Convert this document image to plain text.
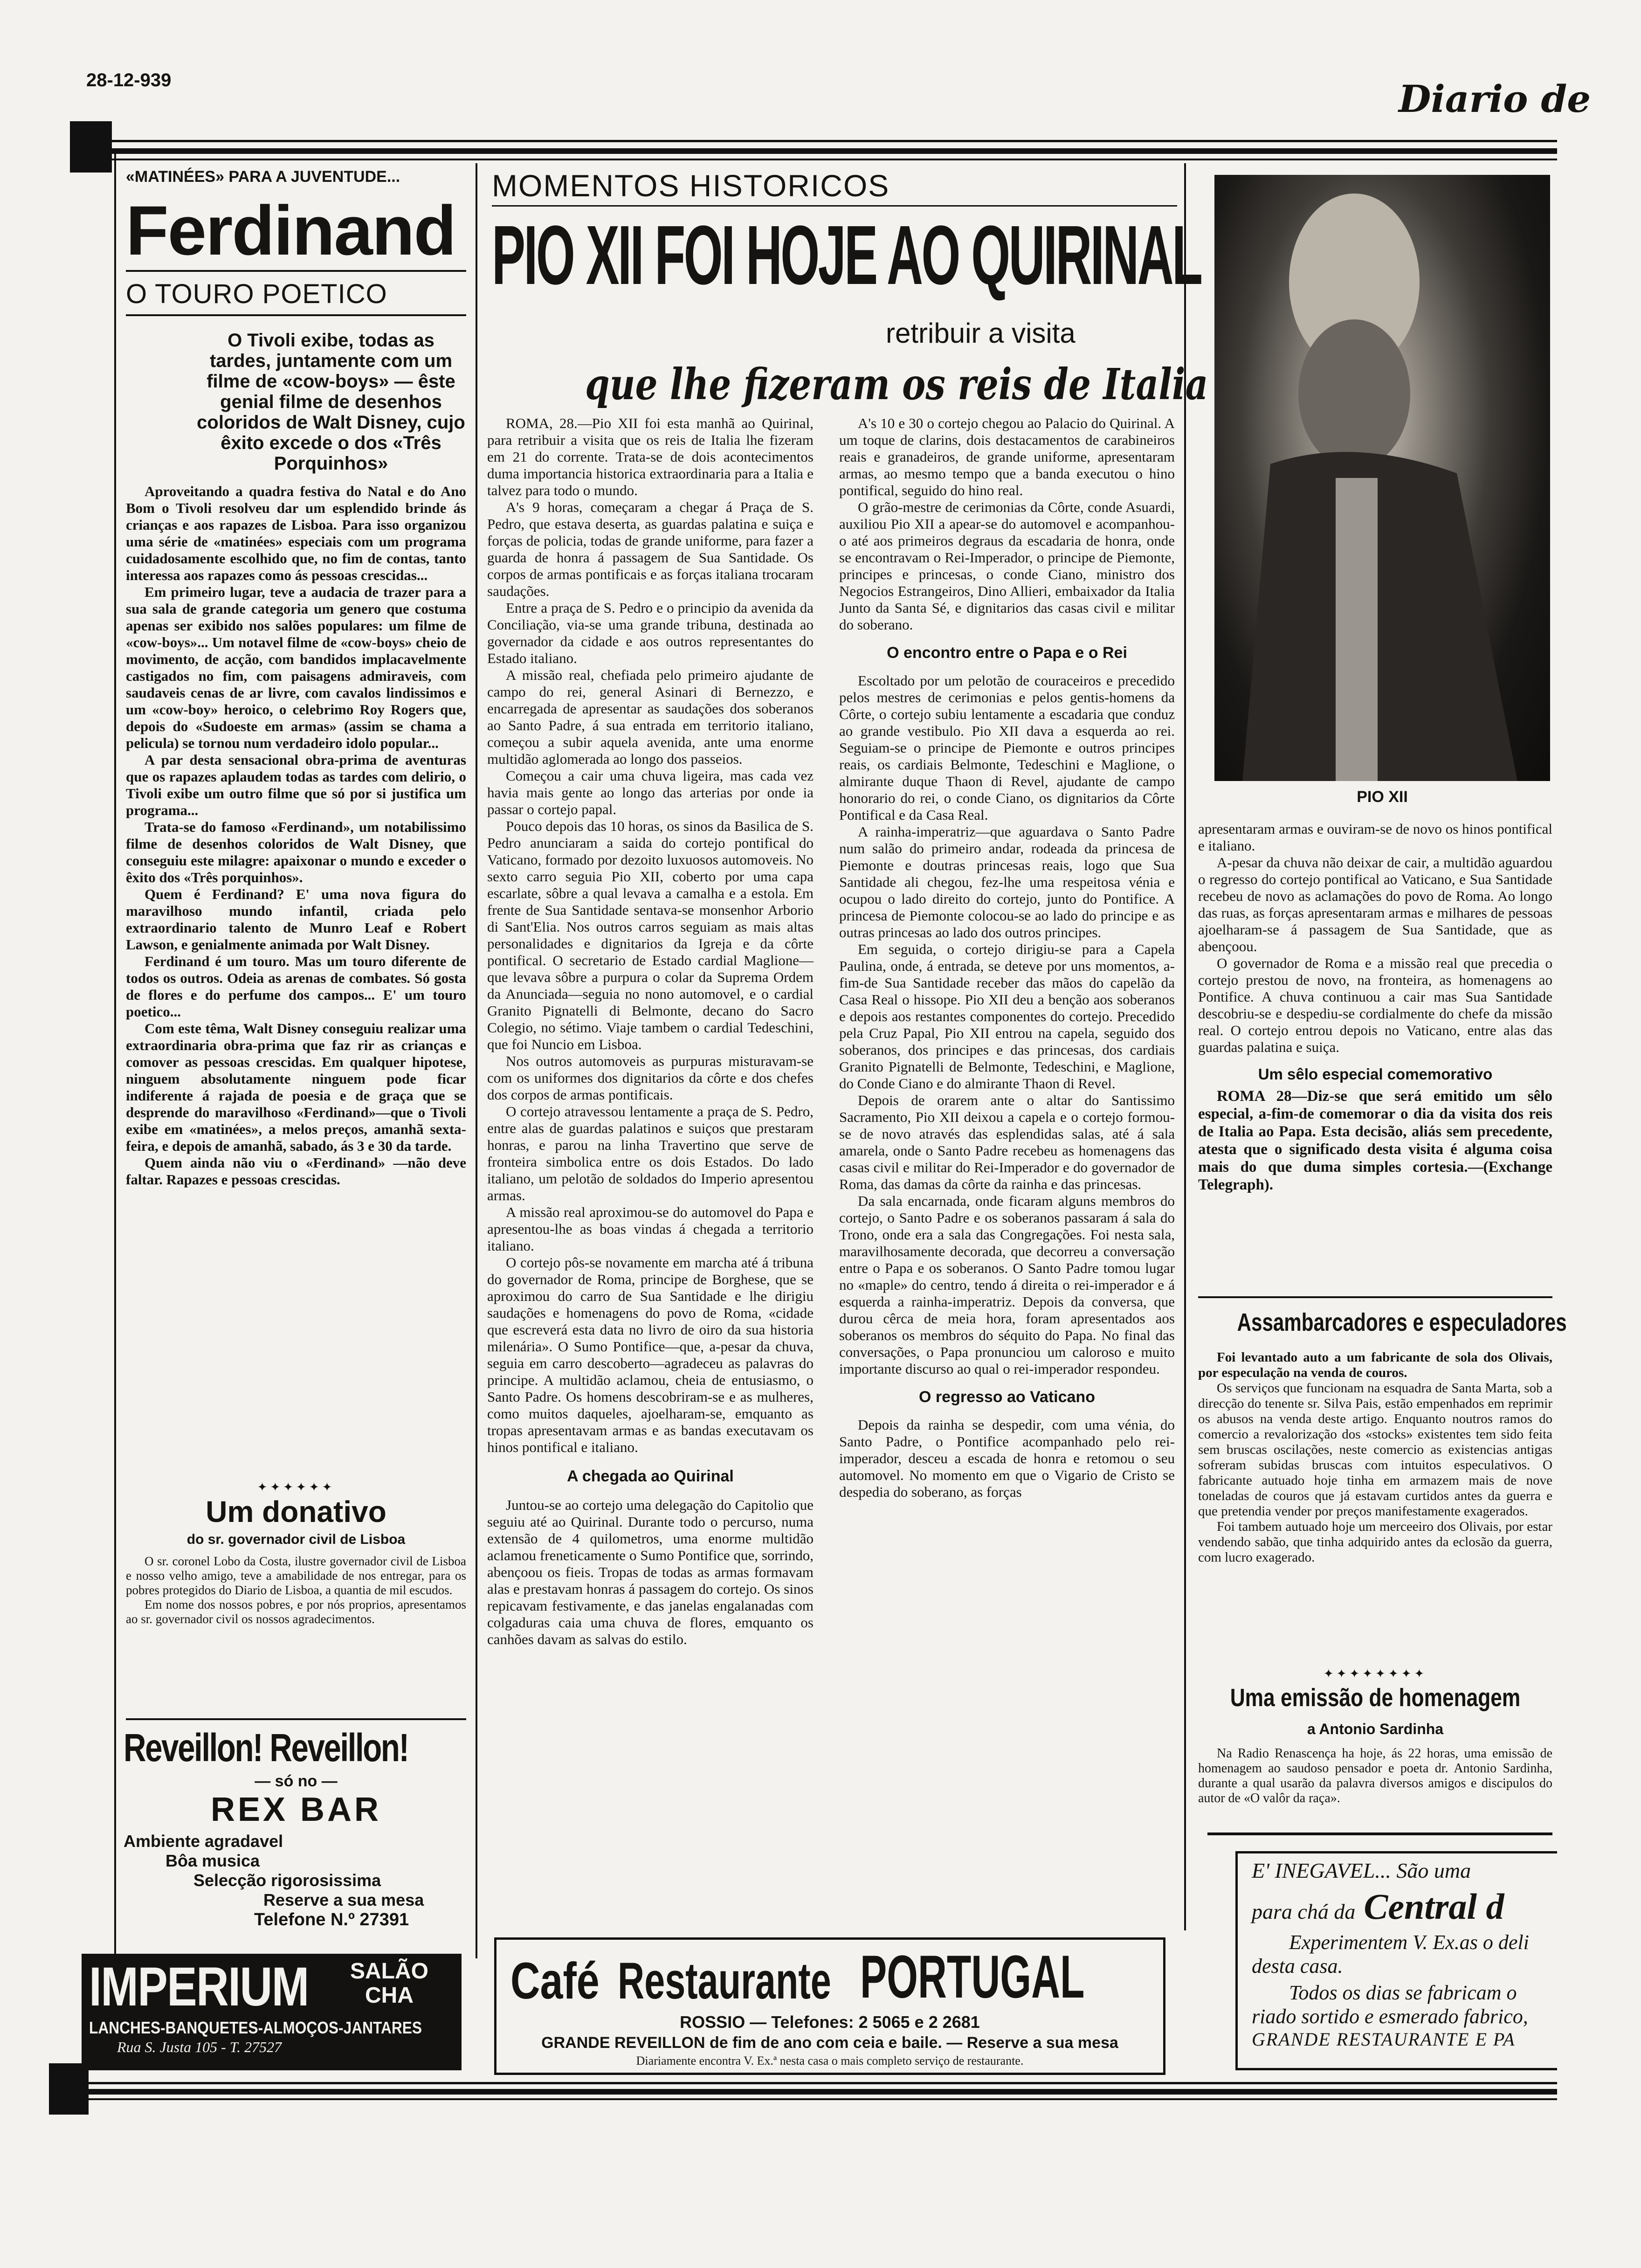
28-12-939	Diario de
«MATINÉES» PARA A JUVENTUDE...
Ferdinand
O TOURO POETICO
O Tivoli exibe, todas as tardes, juntamente com um filme de «cow-boys» — êste genial filme de desenhos coloridos de Walt Disney, cujo êxito excede o dos «Três Porquinhos»

Aproveitando a quadra festiva do Natal e do Ano Bom o Tivoli resolveu dar um esplendido brinde ás crianças e aos rapazes de Lisboa. Para isso organizou uma série de «matinées» especiais com um programa cuidadosamente escolhido que, no fim de contas, tanto interessa aos rapazes como ás pessoas crescidas...

Em primeiro lugar, teve a audacia de trazer para a sua sala de grande categoria um genero que costuma apenas ser exibido nos salões populares: um filme de «cow-boys»... Um notavel filme de «cow-boys» cheio de movimento, de acção, com bandidos implacavelmente castigados no fim, com paisagens admiraveis, com saudaveis cenas de ar livre, com cavalos lindissimos e um «cow-boy» heroico, o celebrimo Roy Rogers que, depois do «Sudoeste em armas» (assim se chama a pelicula) se tornou num verdadeiro idolo popular...

A par desta sensacional obra-prima de aventuras que os rapazes aplaudem todas as tardes com delirio, o Tivoli exibe um outro filme que só por si justifica um programa...

Trata-se do famoso «Ferdinand», um notabilissimo filme de desenhos coloridos de Walt Disney, que conseguiu este milagre: apaixonar o mundo e exceder o êxito dos «Três porquinhos».

Quem é Ferdinand? E' uma nova figura do maravilhoso mundo infantil, criada pelo extraordinario talento de Munro Leaf e Robert Lawson, e genialmente animada por Walt Disney.

Ferdinand é um touro. Mas um touro diferente de todos os outros. Odeia as arenas de combates. Só gosta de flores e do perfume dos campos... E' um touro poetico...

Com este têma, Walt Disney conseguiu realizar uma extraordinaria obra-prima que faz rir as crianças e comover as pessoas crescidas. Em qualquer hipotese, ninguem absolutamente ninguem pode ficar indiferente á rajada de poesia e de graça que se desprende do maravilhoso «Ferdinand»—que o Tivoli exibe em «matinées», a melos preços, amanhã sexta-feira, e depois de amanhã, sabado, ás 3 e 30 da tarde.

Quem ainda não viu o «Ferdinand» —não deve faltar. Rapazes e pessoas crescidas.

✦✦✦✦✦✦
Um donativo
do sr. governador civil de Lisboa

O sr. coronel Lobo da Costa, ilustre governador civil de Lisboa e nosso velho amigo, teve a amabilidade de nos entregar, para os pobres protegidos do Diario de Lisboa, a quantia de mil escudos.

Em nome dos nossos pobres, e por nós proprios, apresentamos ao sr. governador civil os nossos agradecimentos.

Reveillon! Reveillon!
— só no —
REX BAR
Ambiente agradavel
Bôa musica
Selecção rigorosissima
Reserve a sua mesa
Telefone N.º 27391
IMPERIUM SALÃO
CHA
LANCHES-BANQUETES-ALMOÇOS-JANTARES
Rua S. Justa 105 - T. 27527
MOMENTOS HISTORICOS
PIO XII FOI HOJE AO QUIRINAL
retribuir a visita
que lhe fizeram os reis de Italia

ROMA, 28.—Pio XII foi esta manhã ao Quirinal, para retribuir a visita que os reis de Italia lhe fizeram em 21 do corrente. Trata-se de dois acontecimentos duma importancia historica extraordinaria para a Italia e talvez para todo o mundo.

A's 9 horas, começaram a chegar á Praça de S. Pedro, que estava deserta, as guardas palatina e suiça e forças de policia, todas de grande uniforme, para fazer a guarda de honra á passagem de Sua Santidade. Os corpos de armas pontificais e as forças italiana trocaram saudações.

Entre a praça de S. Pedro e o principio da avenida da Conciliação, via-se uma grande tribuna, destinada ao governador da cidade e aos outros representantes do Estado italiano.

A missão real, chefiada pelo primeiro ajudante de campo do rei, general Asinari di Bernezzo, e encarregada de apresentar as saudações dos soberanos ao Santo Padre, á sua entrada em territorio italiano, começou a subir aquela avenida, ante uma enorme multidão aglomerada ao longo dos passeios.

Começou a cair uma chuva ligeira, mas cada vez havia mais gente ao longo das arterias por onde ia passar o cortejo papal.

Pouco depois das 10 horas, os sinos da Basilica de S. Pedro anunciaram a saida do cortejo pontifical do Vaticano, formado por dezoito luxuosos automoveis. No sexto carro seguia Pio XII, coberto por uma capa escarlate, sôbre a qual levava a camalha e a estola. Em frente de Sua Santidade sentava-se monsenhor Arborio di Sant'Elia. Nos outros carros seguiam as mais altas personalidades e dignitarios da Igreja e da côrte pontifical. O secretario de Estado cardial Maglione—que levava sôbre a purpura o colar da Suprema Ordem da Anunciada—seguia no nono automovel, e o cardial Granito Pignatelli di Belmonte, decano do Sacro Colegio, no sétimo. Viaje tambem o cardial Tedeschini, que foi Nuncio em Lisboa.

Nos outros automoveis as purpuras misturavam-se com os uniformes dos dignitarios da côrte e dos chefes dos corpos de armas pontificais.

O cortejo atravessou lentamente a praça de S. Pedro, entre alas de guardas palatinos e suiços que prestaram honras, e parou na linha Travertino que serve de fronteira simbolica entre os dois Estados. Do lado italiano, um pelotão de soldados do Imperio apresentou armas.

A missão real aproximou-se do automovel do Papa e apresentou-lhe as boas vindas á chegada a territorio italiano.

O cortejo pôs-se novamente em marcha até á tribuna do governador de Roma, principe de Borghese, que se aproximou do carro de Sua Santidade e lhe dirigiu saudações e homenagens do povo de Roma, «cidade que escreverá esta data no livro de oiro da sua historia milenária». O Sumo Pontifice—que, a-pesar da chuva, seguia em carro descoberto—agradeceu as palavras do principe. A multidão aclamou, cheia de entusiasmo, o Santo Padre. Os homens descobriram-se e as mulheres, como muitos daqueles, ajoelharam-se, emquanto as tropas apresentavam armas e as bandas executavam os hinos pontifical e italiano.

A chegada ao Quirinal

Juntou-se ao cortejo uma delegação do Capitolio que seguiu até ao Quirinal. Durante todo o percurso, numa extensão de 4 quilometros, uma enorme multidão aclamou freneticamente o Sumo Pontifice que, sorrindo, abençoou os fieis. Tropas de todas as armas formavam alas e prestavam honras á passagem do cortejo. Os sinos repicavam festivamente, e das janelas engalanadas com colgaduras caia uma chuva de flores, emquanto os canhões davam as salvas do estilo.

A's 10 e 30 o cortejo chegou ao Palacio do Quirinal. A um toque de clarins, dois destacamentos de carabineiros reais e granadeiros, de grande uniforme, apresentaram armas, ao mesmo tempo que a banda executou o hino pontifical, seguido do hino real.

O grão-mestre de cerimonias da Côrte, conde Asuardi, auxiliou Pio XII a apear-se do automovel e acompanhou-o até aos primeiros degraus da escadaria de honra, onde se encontravam o Rei-Imperador, o principe de Piemonte, principes e princesas, o conde Ciano, ministro dos Negocios Estrangeiros, Dino Allieri, embaixador da Italia Junto da Santa Sé, e dignitarios das casas civil e militar do soberano.

O encontro entre o Papa e o Rei

Escoltado por um pelotão de couraceiros e precedido pelos mestres de cerimonias e pelos gentis-homens da Côrte, o cortejo subiu lentamente a escadaria que conduz ao grande vestibulo. Pio XII dava a esquerda ao rei. Seguiam-se o principe de Piemonte e outros principes reais, os cardiais Belmonte, Tedeschini e Maglione, o almirante duque Thaon di Revel, ajudante de campo honorario do rei, o conde Ciano, os dignitarios da Côrte Pontifical e da Casa Real.

A rainha-imperatriz—que aguardava o Santo Padre num salão do primeiro andar, rodeada da princesa de Piemonte e doutras princesas reais, logo que Sua Santidade ali chegou, fez-lhe uma respeitosa vénia e ocupou o lado direito do cortejo, junto do Pontifice. A princesa de Piemonte colocou-se ao lado do principe e as outras princesas ao lado dos outros principes.

Em seguida, o cortejo dirigiu-se para a Capela Paulina, onde, á entrada, se deteve por uns momentos, a-fim-de Sua Santidade receber das mãos do capelão da Casa Real o hissope. Pio XII deu a benção aos soberanos e depois aos restantes componentes do cortejo. Precedido pela Cruz Papal, Pio XII entrou na capela, seguido dos soberanos, dos principes e das princesas, dos cardiais Granito Pignatelli de Belmonte, Tedeschini, e Maglione, do Conde Ciano e do almirante Thaon di Revel.

Depois de orarem ante o altar do Santissimo Sacramento, Pio XII deixou a capela e o cortejo formou-se de novo através das esplendidas salas, até á sala amarela, onde o Santo Padre recebeu as homenagens das casas civil e militar do Rei-Imperador e do governador de Roma, das damas da côrte da rainha e das princesas.

Da sala encarnada, onde ficaram alguns membros do cortejo, o Santo Padre e os soberanos passaram á sala do Trono, onde era a sala das Congregações. Foi nesta sala, maravilhosamente decorada, que decorreu a conversação entre o Papa e os soberanos. O Santo Padre tomou lugar no «maple» do centro, tendo á direita o rei-imperador e á esquerda a rainha-imperatriz. Depois da conversa, que durou cêrca de meia hora, foram apresentados aos soberanos os membros do séquito do Papa. No final das conversações, o Papa pronunciou um caloroso e muito importante discurso ao qual o rei-imperador respondeu.

O regresso ao Vaticano

Depois da rainha se despedir, com uma vénia, do Santo Padre, o Pontifice acompanhado pelo rei-imperador, desceu a escada de honra e retomou o seu automovel. No momento em que o Vigario de Cristo se despedia do soberano, as forças

PIO XII

apresentaram armas e ouviram-se de novo os hinos pontifical e italiano.

A-pesar da chuva não deixar de cair, a multidão aguardou o regresso do cortejo pontifical ao Vaticano, e Sua Santidade recebeu de novo as aclamações do povo de Roma. Ao longo das ruas, as forças apresentaram armas e milhares de pessoas ajoelharam-se á passagem de Sua Santidade, que as abençoou.

O governador de Roma e a missão real que precedia o cortejo prestou de novo, na fronteira, as homenagens ao Pontifice. A chuva continuou a cair mas Sua Santidade descobriu-se e despediu-se cordialmente do chefe da missão real. O cortejo entrou depois no Vaticano, entre alas das guardas palatina e suiça.

Um sêlo especial comemorativo

ROMA 28—Diz-se que será emitido um sêlo especial, a-fim-de comemorar o dia da visita dos reis de Italia ao Papa. Esta decisão, aliás sem precedente, atesta que o significado desta visita é alguma coisa mais do que duma simples cortesia.—(Exchange Telegraph).

Assambarcadores e especuladores

Foi levantado auto a um fabricante de sola dos Olivais, por especulação na venda de couros.

Os serviços que funcionam na esquadra de Santa Marta, sob a direcção do tenente sr. Silva Pais, estão empenhados em reprimir os abusos na venda deste artigo. Enquanto noutros ramos do comercio a revalorização dos «stocks» existentes tem sido feita sem bruscas oscilações, neste comercio as existencias antigas sofreram subidas bruscas com intuitos especulativos. O fabricante autuado hoje tinha em armazem mais de nove toneladas de couros que já estavam curtidos antes da guerra e que pretendia vender por preços manifestamente exagerados.

Foi tambem autuado hoje um merceeiro dos Olivais, por estar vendendo sabão, que tinha adquirido antes da eclosão da guerra, com lucro exagerado.

✦✦✦✦✦✦✦✦
Uma emissão de homenagem
a Antonio Sardinha
Na Radio Renascença ha hoje, ás 22 horas, uma emissão de homenagem ao saudoso pensador e poeta dr. Antonio Sardinha, durante a qual usarão da palavra diversos amigos e discipulos do autor de «O valôr da raça».
E' INEGAVEL... São uma
para chá da Central d
Experimentem V. Ex.as o deli
desta casa.
Todos os dias se fabricam o
riado sortido e esmerado fabrico,
GRANDE RESTAURANTE E PA
Café Restaurante PORTUGAL
ROSSIO — Telefones: 2 5065 e 2 2681
GRANDE REVEILLON de fim de ano com ceia e baile. — Reserve a sua mesa
Diariamente encontra V. Ex.ª nesta casa o mais completo serviço de restaurante.
